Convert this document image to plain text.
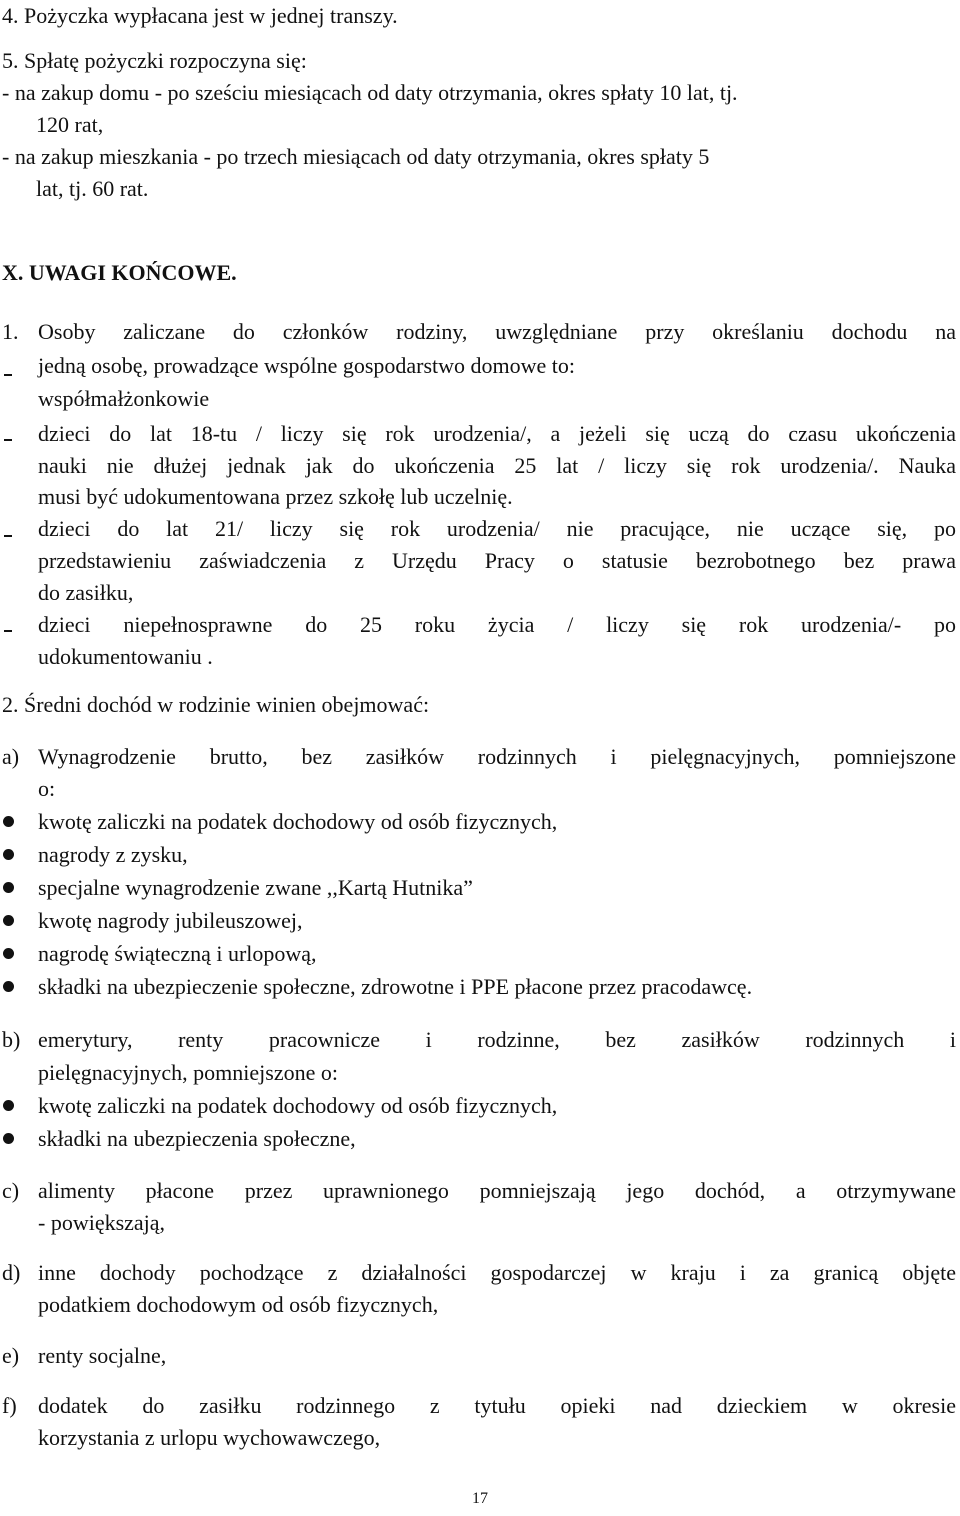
4. Pożyczka wypłacana jest w jednej transzy.
5. Spłatę pożyczki rozpoczyna się:
- na zakup domu - po sześciu miesiącach od daty otrzymania, okres spłaty 10 lat, tj.
120 rat,
- na zakup mieszkania - po trzech miesiącach od daty otrzymania, okres spłaty 5
lat, tj. 60 rat.
X. UWAGI KOŃCOWE.
1. Osoby zaliczane do członków rodziny, uwzględniane przy określaniu dochodu na
jedną osobę, prowadzące wspólne gospodarstwo domowe to:
współmałżonkowie
dzieci do lat 18-tu / liczy się rok urodzenia/, a jeżeli się uczą do czasu ukończenia
nauki nie dłużej jednak jak do ukończenia 25 lat / liczy się rok urodzenia/. Nauka
musi być udokumentowana przez szkołę lub uczelnię.
dzieci do lat 21/ liczy się rok urodzenia/ nie pracujące, nie uczące się, po
przedstawieniu zaświadczenia z Urzędu Pracy o statusie bezrobotnego bez prawa
do zasiłku,
dzieci niepełnosprawne do 25 roku życia / liczy się rok urodzenia/- po
udokumentowaniu .
2. Średni dochód w rodzinie winien obejmować:
a) Wynagrodzenie brutto, bez zasiłków rodzinnych i pielęgnacyjnych, pomniejszone
o:
kwotę zaliczki na podatek dochodowy od osób fizycznych,
nagrody z zysku,
specjalne wynagrodzenie zwane ,,Kartą Hutnika”
kwotę nagrody jubileuszowej,
nagrodę świąteczną i urlopową,
składki na ubezpieczenie społeczne, zdrowotne i PPE płacone przez pracodawcę.
b) emerytury, renty pracownicze i rodzinne, bez zasiłków rodzinnych i
pielęgnacyjnych, pomniejszone o:
kwotę zaliczki na podatek dochodowy od osób fizycznych,
składki na ubezpieczenia społeczne,
c) alimenty płacone przez uprawnionego pomniejszają jego dochód, a otrzymywane
- powiększają,
d) inne dochody pochodzące z działalności gospodarczej w kraju i za granicą objęte
podatkiem dochodowym od osób fizycznych,
e) renty socjalne,
f) dodatek do zasiłku rodzinnego z tytułu opieki nad dzieckiem w okresie
korzystania z urlopu wychowawczego,
17
